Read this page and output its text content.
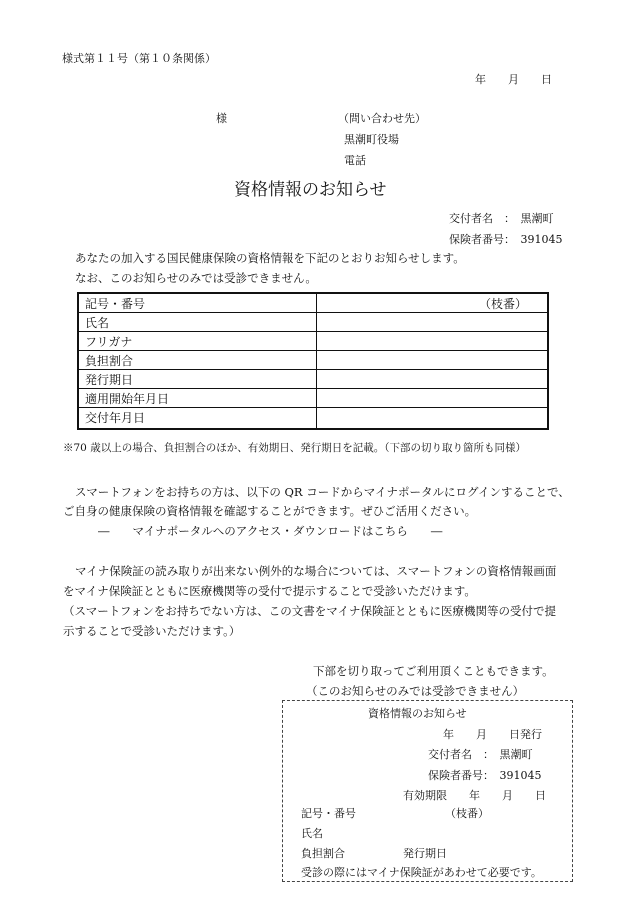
様式第１１号（第１０条関係）
年　　月　　日
様	（問い合わせ先）
黒潮町役場
電話
資格情報のお知らせ
交付者名　：　黒潮町
保険者番号：　391045
あなたの加入する国民健康保険の資格情報を下記のとおりお知らせします。
なお、このお知らせのみでは受診できません。
記号・番号	（枝番）
氏名
フリガナ
負担割合
発行期日
適用開始年月日
交付年月日
※70 歳以上の場合、負担割合のほか、有効期日、発行期日を記載。（下部の切り取り箇所も同様）
スマートフォンをお持ちの方は、以下の QR コードからマイナポータルにログインすることで、
ご自身の健康保険の資格情報を確認することができます。ぜひご活用ください。
―　　マイナポータルへのアクセス・ダウンロードはこちら　　―
マイナ保険証の読み取りが出来ない例外的な場合については、スマートフォンの資格情報画面
をマイナ保険証とともに医療機関等の受付で提示することで受診いただけます。
（スマートフォンをお持ちでない方は、この文書をマイナ保険証とともに医療機関等の受付で提
示することで受診いただけます。）
下部を切り取ってご利用頂くこともできます。
（このお知らせのみでは受診できません）
資格情報のお知らせ
年　　月　　日発行
交付者名　：　黒潮町
保険者番号：　391045
有効期限　　年　　月　　日
記号・番号	（枝番）
氏名
負担割合	発行期日
受診の際にはマイナ保険証があわせて必要です。
